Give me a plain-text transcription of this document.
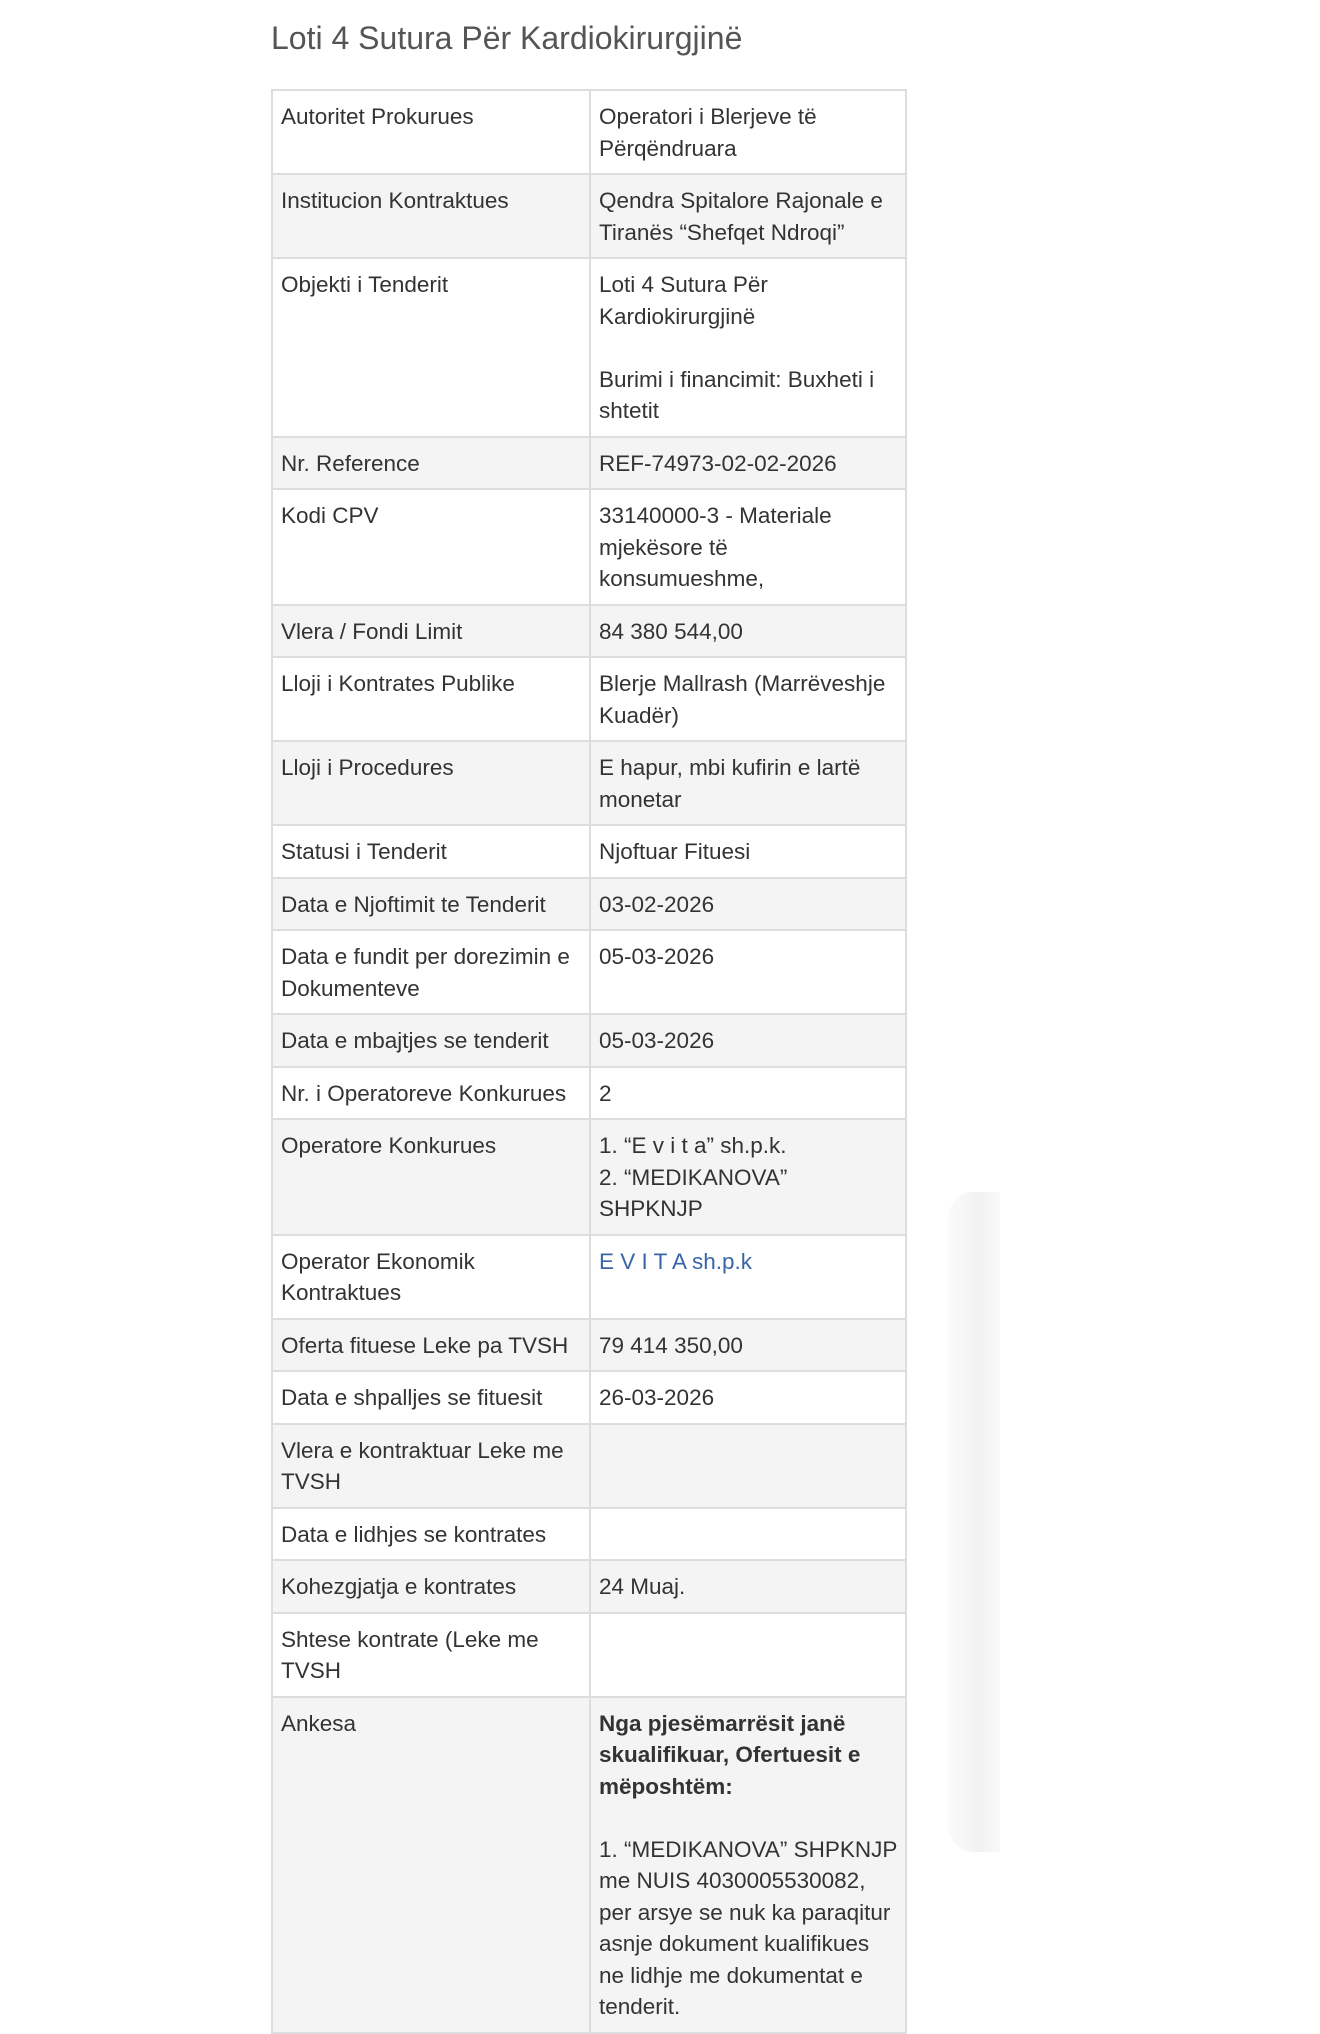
Loti 4 Sutura Për Kardiokirurgjinë
Autoritet Prokurues	Operatori i Blerjeve të Përqëndruara
Institucion Kontraktues	Qendra Spitalore Rajonale e Tiranës “Shefqet Ndroqi”
Objekti i Tenderit	Loti 4 Sutura Për Kardiokirurgjinë
Burimi i financimit: Buxheti i shtetit

Nr. Reference	REF-74973-02-02-2026
Kodi CPV	33140000-3 - Materiale mjekësore të konsumueshme,
Vlera / Fondi Limit	84 380 544,00
Lloji i Kontrates Publike	Blerje Mallrash (Marrëveshje Kuadër)
Lloji i Procedures	E hapur, mbi kufirin e lartë monetar
Statusi i Tenderit	Njoftuar Fituesi
Data e Njoftimit te Tenderit	03-02-2026
Data e fundit per dorezimin e Dokumenteve	05-03-2026
Data e mbajtjes se tenderit	05-03-2026
Nr. i Operatoreve Konkurues	2
Operatore Konkurues	1. “E v i t a” sh.p.k.
2. “MEDIKANOVA” SHPKNJP

Operator Ekonomik Kontraktues	E V I T A sh.p.k
Oferta fituese Leke pa TVSH	79 414 350,00
Data e shpalljes se fituesit	26-03-2026
Vlera e kontraktuar Leke me TVSH	
Data e lidhjes se kontrates	
Kohezgjatja e kontrates	24 Muaj.
Shtese kontrate (Leke me TVSH	
Ankesa	Nga pjesëmarrësit janë skualifikuar, Ofertuesit e mëposhtëm:
1. “MEDIKANOVA” SHPKNJP me NUIS 4030005530082, per arsye se nuk ka paraqitur asnje dokument kualifikues ne lidhje me dokumentat e tenderit.
